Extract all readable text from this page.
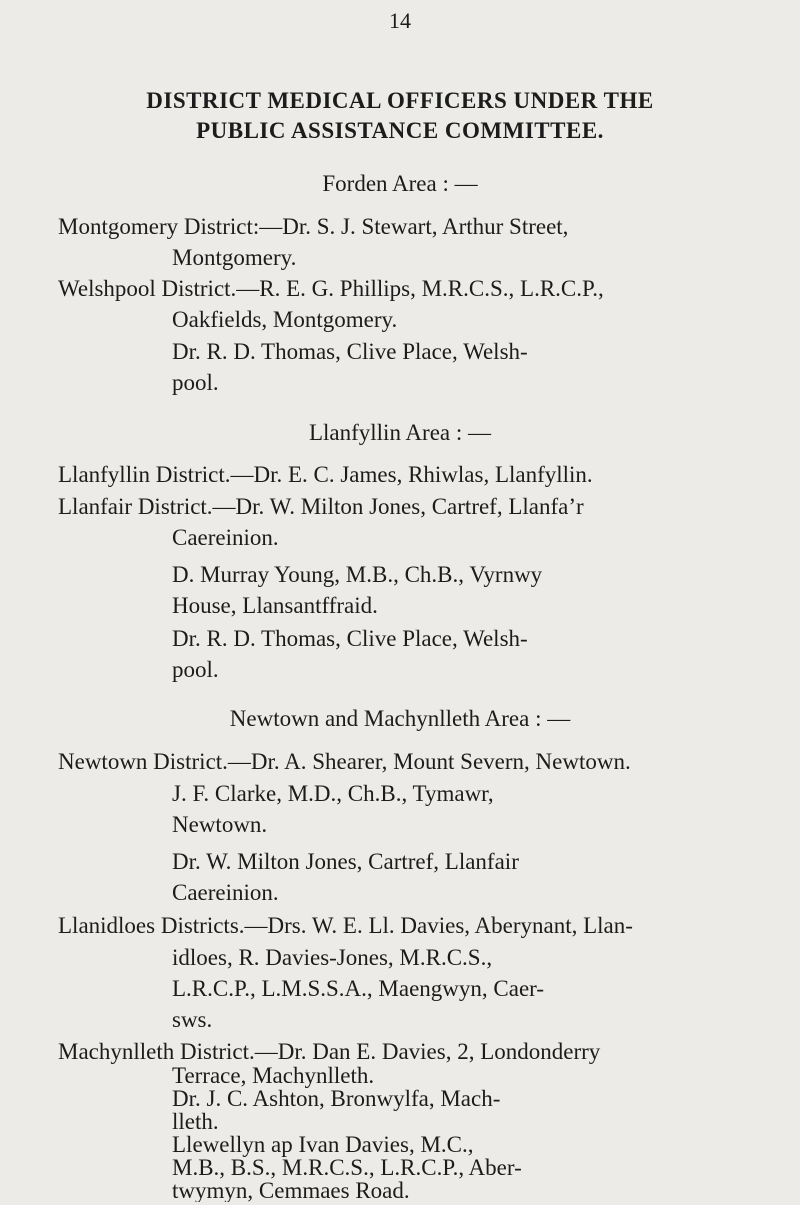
14
DISTRICT MEDICAL OFFICERS UNDER THE
PUBLIC ASSISTANCE COMMITTEE.
Forden Area : —
Montgomery District:—Dr. S. J. Stewart, Arthur Street,
Montgomery.
Welshpool District.—R. E. G. Phillips, M.R.C.S., L.R.C.P.,
Oakfields, Montgomery.
Dr. R. D. Thomas, Clive Place, Welsh-
pool.
Llanfyllin Area : —
Llanfyllin District.—Dr. E. C. James, Rhiwlas, Llanfyllin.
Llanfair District.—Dr. W. Milton Jones, Cartref, Llanfa’r
Caereinion.
D. Murray Young, M.B., Ch.B., Vyrnwy
House, Llansantffraid.
Dr. R. D. Thomas, Clive Place, Welsh-
pool.
Newtown and Machynlleth Area : —
Newtown District.—Dr. A. Shearer, Mount Severn, Newtown.
J. F. Clarke, M.D., Ch.B., Tymawr,
Newtown.
Dr. W. Milton Jones, Cartref, Llanfair
Caereinion.
Llanidloes Districts.—Drs. W. E. Ll. Davies, Aberynant, Llan-
idloes, R. Davies-Jones, M.R.C.S.,
L.R.C.P., L.M.S.S.A., Maengwyn, Caer-
sws.
Machynlleth District.—Dr. Dan E. Davies, 2, Londonderry
Terrace, Machynlleth.
Dr. J. C. Ashton, Bronwylfa, Mach-
lleth.
Llewellyn ap Ivan Davies, M.C.,
M.B., B.S., M.R.C.S., L.R.C.P., Aber-
twymyn, Cemmaes Road.
